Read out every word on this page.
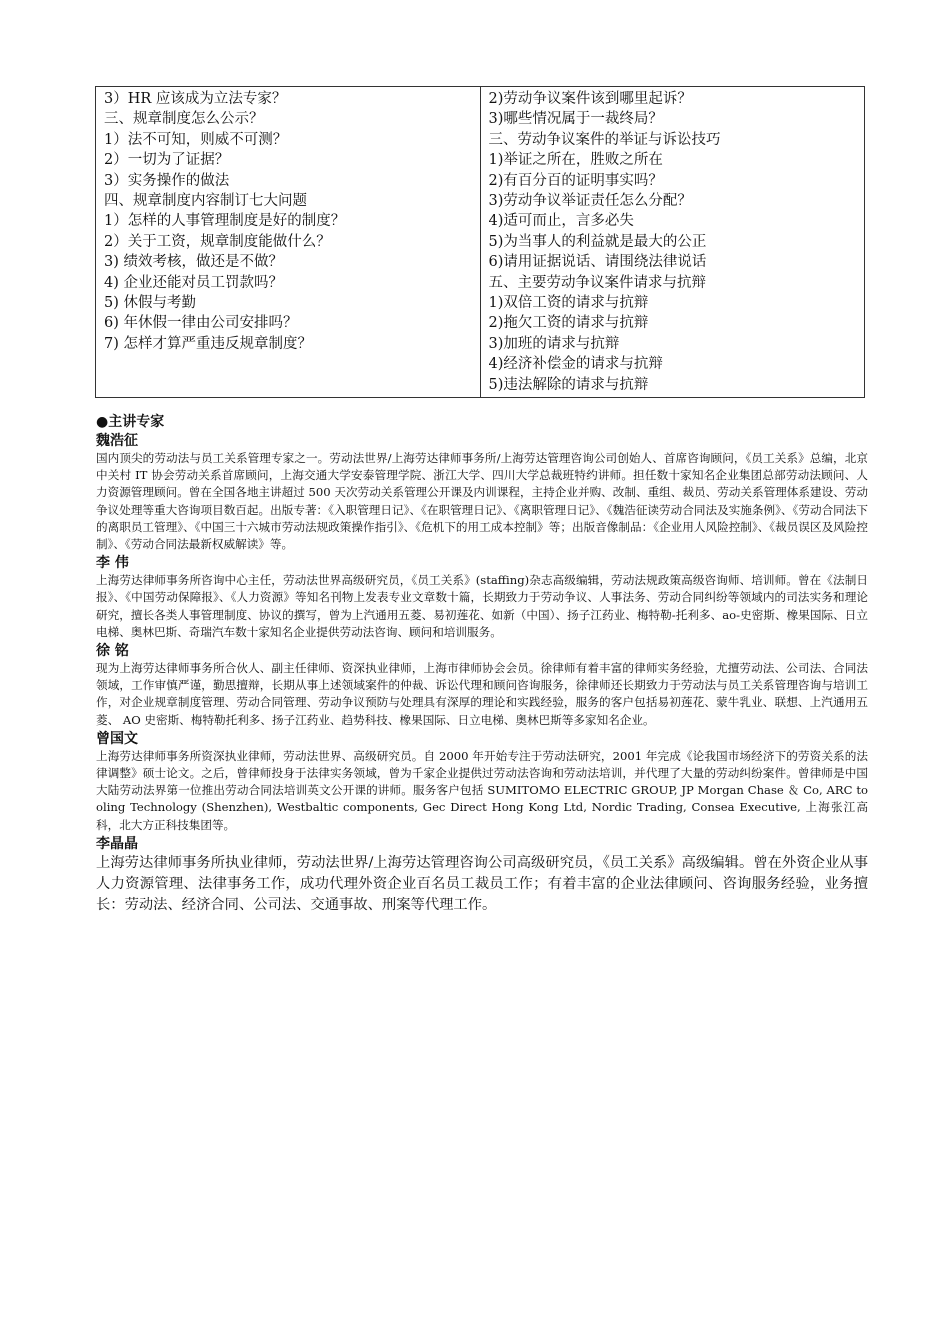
3）HR 应该成为立法专家？
三、规章制度怎么公示？
1）法不可知，则威不可测？
2）一切为了证据？
3）实务操作的做法
四、规章制度内容制订七大问题
1）怎样的人事管理制度是好的制度？
2）关于工资，规章制度能做什么？
3) 绩效考核，做还是不做？
4) 企业还能对员工罚款吗？
5) 休假与考勤
6) 年休假一律由公司安排吗？
7) 怎样才算严重违反规章制度？

2)劳动争议案件该到哪里起诉？
3)哪些情况属于一裁终局？
三、劳动争议案件的举证与诉讼技巧
1)举证之所在，胜败之所在
2)有百分百的证明事实吗？
3)劳动争议举证责任怎么分配？
4)适可而止，言多必失
5)为当事人的利益就是最大的公正
6)请用证据说话、请围绕法律说话
五、主要劳动争议案件请求与抗辩
1)双倍工资的请求与抗辩
2)拖欠工资的请求与抗辩
3)加班的请求与抗辩
4)经济补偿金的请求与抗辩
5)违法解除的请求与抗辩

●主讲专家

魏浩征

国内顶尖的劳动法与员工关系管理专家之一。劳动法世界/上海劳达律师事务所/上海劳达管理咨询公司创始人、首席咨询顾问，《员工关系》总编，北京中关村 IT 协会劳动关系首席顾问，上海交通大学安泰管理学院、浙江大学、四川大学总裁班特约讲师。担任数十家知名企业集团总部劳动法顾问、人力资源管理顾问。曾在全国各地主讲超过 500 天次劳动关系管理公开课及内训课程，主持企业并购、改制、重组、裁员、劳动关系管理体系建设、劳动争议处理等重大咨询项目数百起。出版专著：《入职管理日记》、《在职管理日记》、《离职管理日记》、《魏浩征读劳动合同法及实施条例》、《劳动合同法下的离职员工管理》、《中国三十六城市劳动法规政策操作指引》、《危机下的用工成本控制》等；出版音像制品：《企业用人风险控制》、《裁员误区及风险控制》、《劳动合同法最新权威解读》等。

李 伟

上海劳达律师事务所咨询中心主任，劳动法世界高级研究员，《员工关系》(staffing)杂志高级编辑，劳动法规政策高级咨询师、培训师。曾在《法制日报》、《中国劳动保障报》、《人力资源》等知名刊物上发表专业文章数十篇，长期致力于劳动争议、人事法务、劳动合同纠纷等领域内的司法实务和理论研究，擅长各类人事管理制度、协议的撰写，曾为上汽通用五菱、易初莲花、如新（中国）、扬子江药业、梅特勒-托利多、ao-史密斯、橡果国际、日立电梯、奥林巴斯、奇瑞汽车数十家知名企业提供劳动法咨询、顾问和培训服务。

徐 铭

现为上海劳达律师事务所合伙人、副主任律师、资深执业律师，上海市律师协会会员。徐律师有着丰富的律师实务经验，尤擅劳动法、公司法、合同法领域，工作审慎严谨，勤思擅辩，长期从事上述领域案件的仲裁、诉讼代理和顾问咨询服务，徐律师还长期致力于劳动法与员工关系管理咨询与培训工作，对企业规章制度管理、劳动合同管理、劳动争议预防与处理具有深厚的理论和实践经验，服务的客户包括易初莲花、蒙牛乳业、联想、上汽通用五菱、 AO 史密斯、梅特勒托利多、扬子江药业、趋势科技、橡果国际、日立电梯、奥林巴斯等多家知名企业。

曾国文

上海劳达律师事务所资深执业律师，劳动法世界、高级研究员。自 2000 年开始专注于劳动法研究，2001 年完成《论我国市场经济下的劳资关系的法律调整》硕士论文。之后，曾律师投身于法律实务领域，曾为千家企业提供过劳动法咨询和劳动法培训，并代理了大量的劳动纠纷案件。曾律师是中国大陆劳动法界第一位推出劳动合同法培训英文公开课的讲师。服务客户包括 SUMITOMO ELECTRIC GROUP, JP Morgan Chase ＆ Co, ARC tooling Technology (Shenzhen), Westbaltic components, Gec Direct Hong Kong Ltd, Nordic Trading, Consea Executive, 上海张江高科，北大方正科技集团等。

李晶晶

上海劳达律师事务所执业律师，劳动法世界/上海劳达管理咨询公司高级研究员，《员工关系》高级编辑。曾在外资企业从事人力资源管理、法律事务工作，成功代理外资企业百名员工裁员工作；有着丰富的企业法律顾问、咨询服务经验，业务擅长：劳动法、经济合同、公司法、交通事故、刑案等代理工作。
